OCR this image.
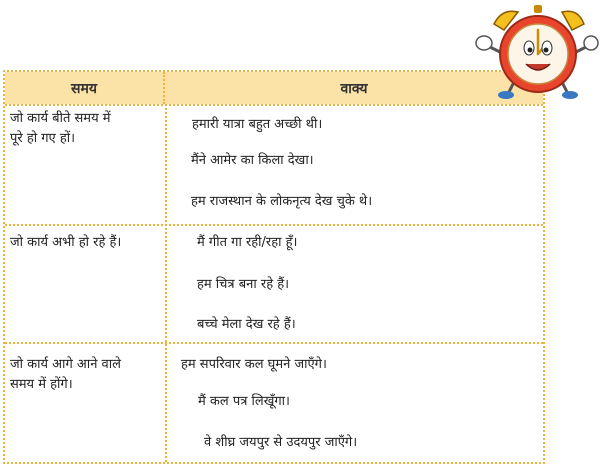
समय	वाक्य
जो कार्य बीते समय में
पूरे हो गए हों।
हमारी यात्रा बहुत अच्छी थी।
मैंने आमेर का किला देखा।
हम राजस्थान के लोकनृत्य देख चुके थे।
जो कार्य अभी हो रहे हैं।	मैं गीत गा रही/रहा हूँ।
हम चित्र बना रहे हैं।
बच्चे मेला देख रहे हैं।
जो कार्य आगे आने वाले
समय में होंगे।
हम सपरिवार कल घूमने जाएँगे।
मैं कल पत्र लिखूँगा।
वे शीघ्र जयपुर से उदयपुर जाएँगे।
